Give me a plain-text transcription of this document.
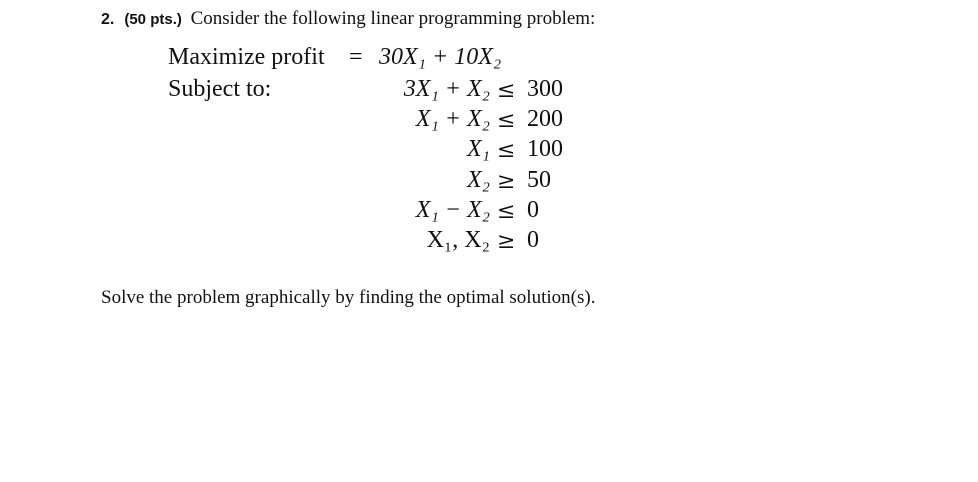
2. (50 pts.) Consider the following linear programming problem:
Maximize profit = 30X₁ + 10X₂
Subject to:	3X₁ + X₂ ≤ 300
X₁ + X₂ ≤ 200
X₁ ≤ 100
X₂ ≥ 50
X₁ − X₂ ≤ 0
X₁, X₂ ≥ 0
Solve the problem graphically by finding the optimal solution(s).
